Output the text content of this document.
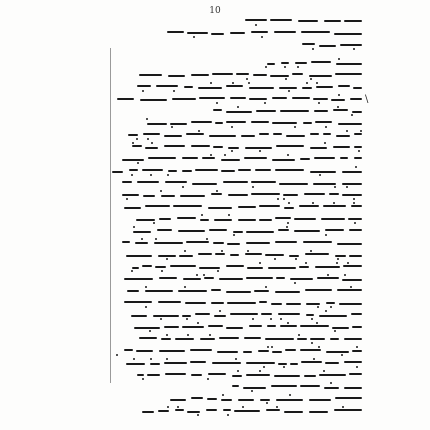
10
\
